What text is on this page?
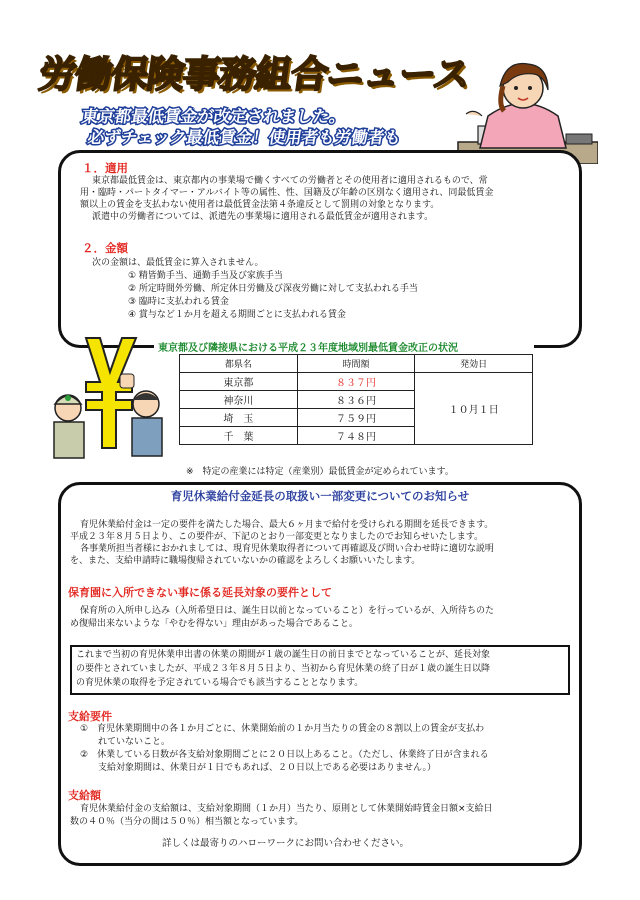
労働保険事務組合ニュース
東京都最低賃金が改定されました。
必ずチェック最低賃金！使用者も労働者も
１．適用
東京都最低賃金は、東京都内の事業場で働くすべての労働者とその使用者に適用されるもので、常
用・臨時・パートタイマー・アルバイト等の属性、性、国籍及び年齢の区別なく適用され、同最低賃金
額以上の賃金を支払わない使用者は最低賃金法第４条違反として罰則の対象となります。
派遣中の労働者については、派遣先の事業場に適用される最低賃金が適用されます。
２．金額
次の金額は、最低賃金に算入されません。
① 精皆勤手当、通勤手当及び家族手当
② 所定時間外労働、所定休日労働及び深夜労働に対して支払われる手当
③ 臨時に支払われる賃金
④ 賞与など１か月を超える期間ごとに支払われる賃金
東京都及び隣接県における平成２３年度地域別最低賃金改正の状況
都県名	時間額	発効日
東京都	８３７円	１０月１日
神奈川	８３６円	
埼　玉	７５９円	
千　葉	７４８円	
※　特定の産業には特定（産業別）最低賃金が定められています。
育児休業給付金延長の取扱い一部変更についてのお知らせ
育児休業給付金は一定の要件を満たした場合、最大６ヶ月まで給付を受けられる期間を延長できます。
平成２３年８月５日より、この要件が、下記のとおり一部変更となりましたのでお知らせいたします。
各事業所担当者様におかれましては、現育児休業取得者について再確認及び問い合わせ時に適切な説明
を、また、支給申請時に職場復帰されていないかの確認をよろしくお願いいたします。
保育園に入所できない事に係る延長対象の要件として
保育所の入所申し込み（入所希望日は、誕生日以前となっていること）を行っているが、入所待ちのた
め復帰出来ないような「やむを得ない」理由があった場合であること。
これまで当初の育児休業申出書の休業の期間が１歳の誕生日の前日までとなっていることが、延長対象
の要件とされていましたが、平成２３年８月５日より、当初から育児休業の終了日が１歳の誕生日以降
の育児休業の取得を予定されている場合でも該当することとなります。
支給要件
①　育児休業期間中の各１か月ごとに、休業開始前の１か月当たりの賃金の８割以上の賃金が支払わ
　　れていないこと。
②　休業している日数が各支給対象期間ごとに２０日以上あること。（ただし、休業終了日が含まれる
　　支給対象期間は、休業日が１日でもあれば、２０日以上である必要はありません。）
支給額
育児休業給付金の支給額は、支給対象期間（１か月）当たり、原則として休業開始時賃金日額×支給日
数の４０％（当分の間は５０％）相当額となっています。
詳しくは最寄りのハローワークにお問い合わせください。
